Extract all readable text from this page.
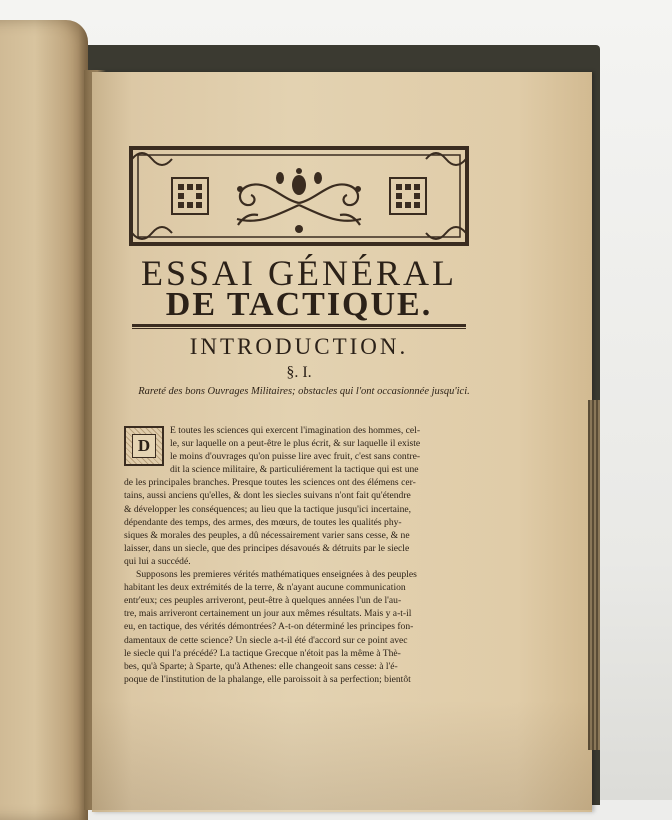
ESSAI GÉNÉRAL
DE TACTIQUE.
INTRODUCTION.
§. I.
Rareté des bons Ouvrages Militaires; obstacles qui l'ont occasionnée jusqu'ici.
D

E toutes les sciences qui exercent l'imagination des hommes, cel-
le, sur laquelle on a peut-être le plus écrit, & sur laquelle il existe
le moins d'ouvrages qu'on puisse lire avec fruit, c'est sans contre-
dit la science militaire, & particuliérement la tactique qui est une
de les principales branches. Presque toutes les sciences ont des élémens cer-
tains, aussi anciens qu'elles, & dont les siecles suivans n'ont fait qu'étendre
& développer les conséquences; au lieu que la tactique jusqu'ici incertaine,
dépendante des temps, des armes, des mœurs, de toutes les qualités phy-
siques & morales des peuples, a dû nécessairement varier sans cesse, & ne
laisser, dans un siecle, que des principes désavoués & détruits par le siecle
qui lui a succédé.

Supposons les premieres vérités mathématiques enseignées à des peuples
habitant les deux extrémités de la terre, & n'ayant aucune communication
entr'eux; ces peuples arriveront, peut-être à quelques années l'un de l'au-
tre, mais arriveront certainement un jour aux mêmes résultats. Mais y a-t-il
eu, en tactique, des vérités démontrées? A-t-on déterminé les principes fon-
damentaux de cette science? Un siecle a-t-il été d'accord sur ce point avec
le siecle qui l'a précédé? La tactique Grecque n'étoit pas la même à Thè-
bes, qu'à Sparte; à Sparte, qu'à Athenes: elle changeoit sans cesse: à l'é-
poque de l'institution de la phalange, elle paroissoit à sa perfection; bientôt
